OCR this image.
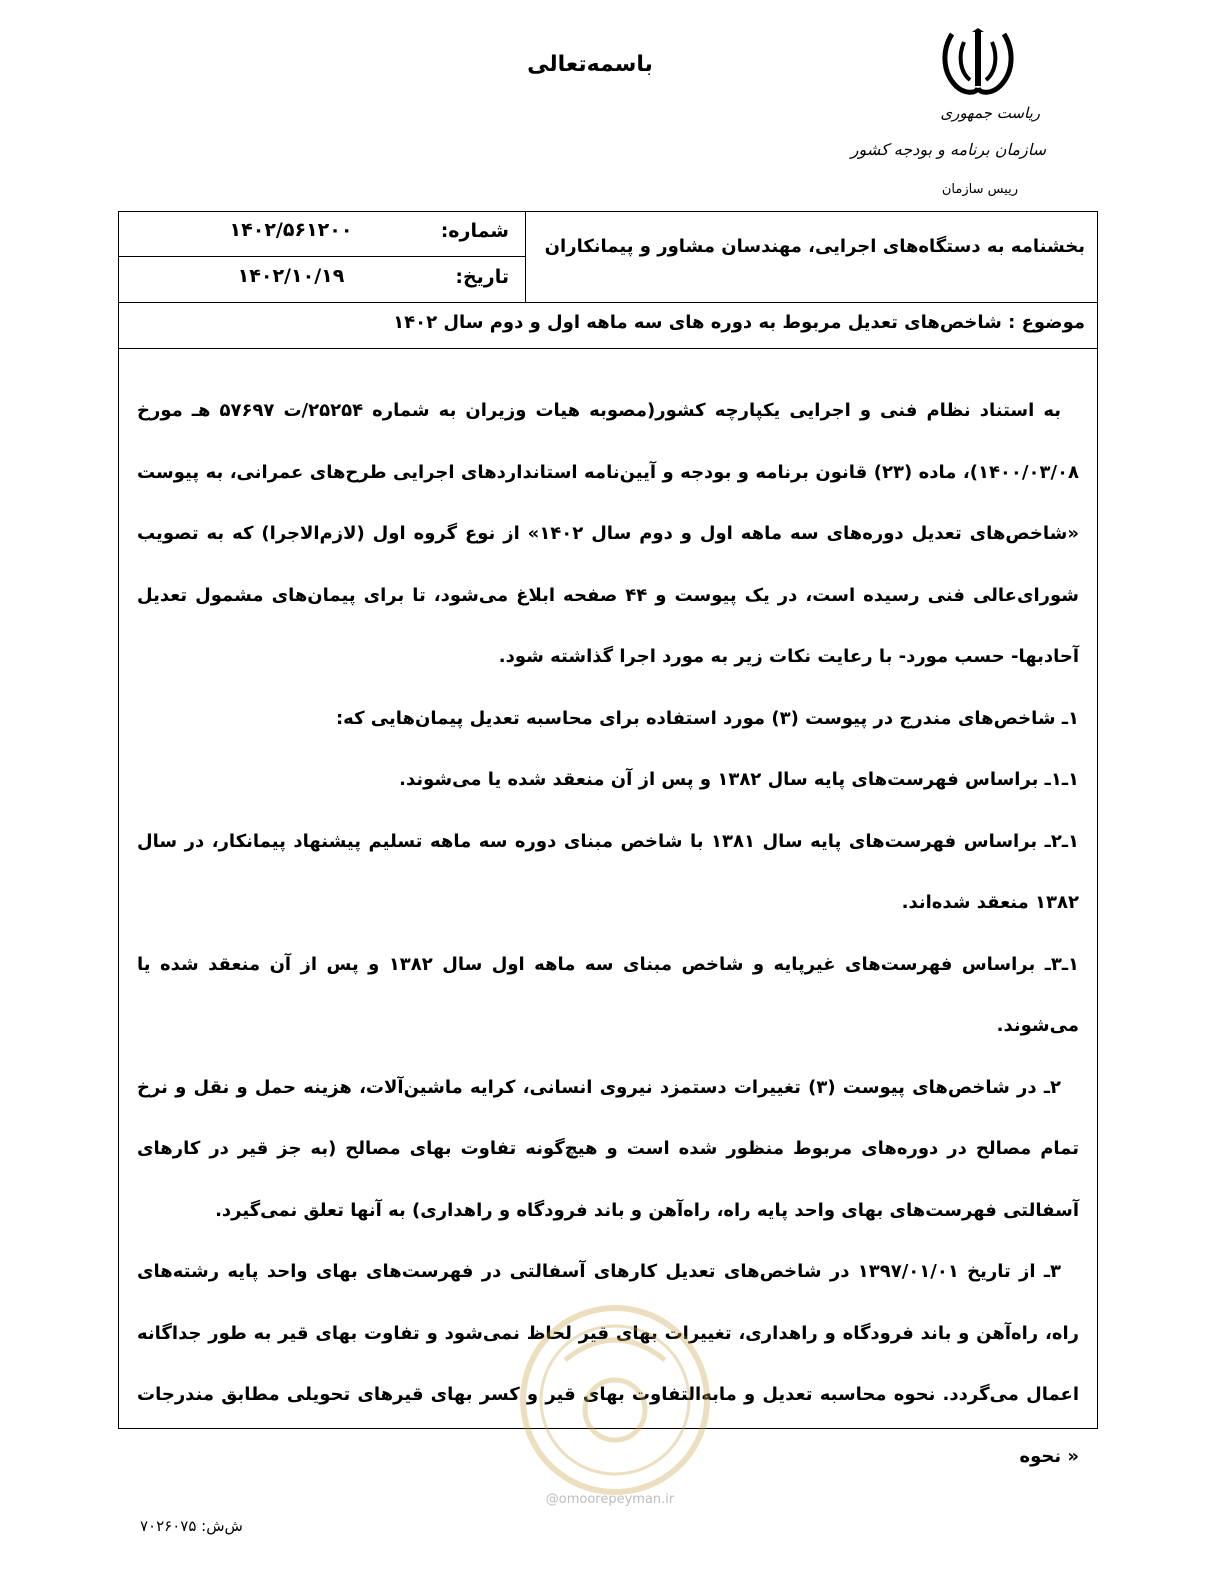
باسمه‌تعالی
ریاست جمهوری
سازمان برنامه و بودجه کشور
رییس سازمان
شماره:
۱۴۰۲/۵۶۱۲۰۰
تاریخ:
۱۴۰۲/۱۰/۱۹
بخشنامه به دستگاه‌های اجرایی، مهندسان مشاور و پیمانکاران
موضوع : شاخص‌های تعدیل مربوط به دوره های سه ماهه اول و دوم سال ۱۴۰۲

به استناد نظام فنی و اجرایی یکپارچه کشور(مصوبه هیات وزیران به شماره ۲۵۲۵۴/ت ۵۷۶۹۷ هـ مورخ ۱۴۰۰/۰۳/۰۸)، ماده (۲۳) قانون برنامه و بودجه و آیین‌نامه استانداردهای اجرایی طرح‌های عمرانی، به پیوست «شاخص‌های تعدیل دوره‌های سه ماهه اول و دوم سال ۱۴۰۲» از نوع گروه اول (لازم‌الاجرا) که به تصویب شورای‌عالی فنی رسیده است، در یک پیوست و ۴۴ صفحه ابلاغ می‌شود، تا برای پیمان‌های مشمول تعدیل آحادبها- حسب مورد- با رعایت نکات زیر به مورد اجرا گذاشته شود.

۱ـ شاخص‌های مندرج در پیوست (۳) مورد استفاده برای محاسبه تعدیل پیمان‌هایی که:

۱ـ۱ـ براساس فهرست‌های پایه سال ۱۳۸۲ و پس از آن منعقد شده یا می‌شوند.

۱ـ۲ـ براساس فهرست‌های پایه سال ۱۳۸۱ با شاخص مبنای دوره سه ماهه تسلیم پیشنهاد پیمانکار، در سال ۱۳۸۲ منعقد شده‌اند.

۱ـ۳ـ براساس فهرست‌های غیرپایه و شاخص مبنای سه ماهه اول سال ۱۳۸۲ و پس از آن منعقد شده یا می‌شوند.

۲ـ در شاخص‌های پیوست (۳) تغییرات دستمزد نیروی انسانی، کرایه ماشین‌آلات، هزینه حمل و نقل و نرخ تمام مصالح در دوره‌های مربوط منظور شده است و هیچ‌گونه تفاوت بهای مصالح (به جز قیر در کارهای آسفالتی فهرست‌های بهای واحد پایه راه، راه‌آهن و باند فرودگاه و راهداری) به آنها تعلق نمی‌گیرد.

۳ـ از تاریخ ۱۳۹۷/۰۱/۰۱ در شاخص‌های تعدیل کارهای آسفالتی در فهرست‌های بهای واحد پایه رشته‌های راه، راه‌آهن و باند فرودگاه و راهداری، تغییرات بهای قیر لحاظ نمی‌شود و تفاوت بهای قیر به طور جداگانه اعمال می‌گردد. نحوه محاسبه تعدیل و مابه‌التفاوت بهای قیر و کسر بهای قیرهای تحویلی مطابق مندرجات « نحوه

@omoorepeyman.ir
ش‌ش: ۷۰۲۶۰۷۵
